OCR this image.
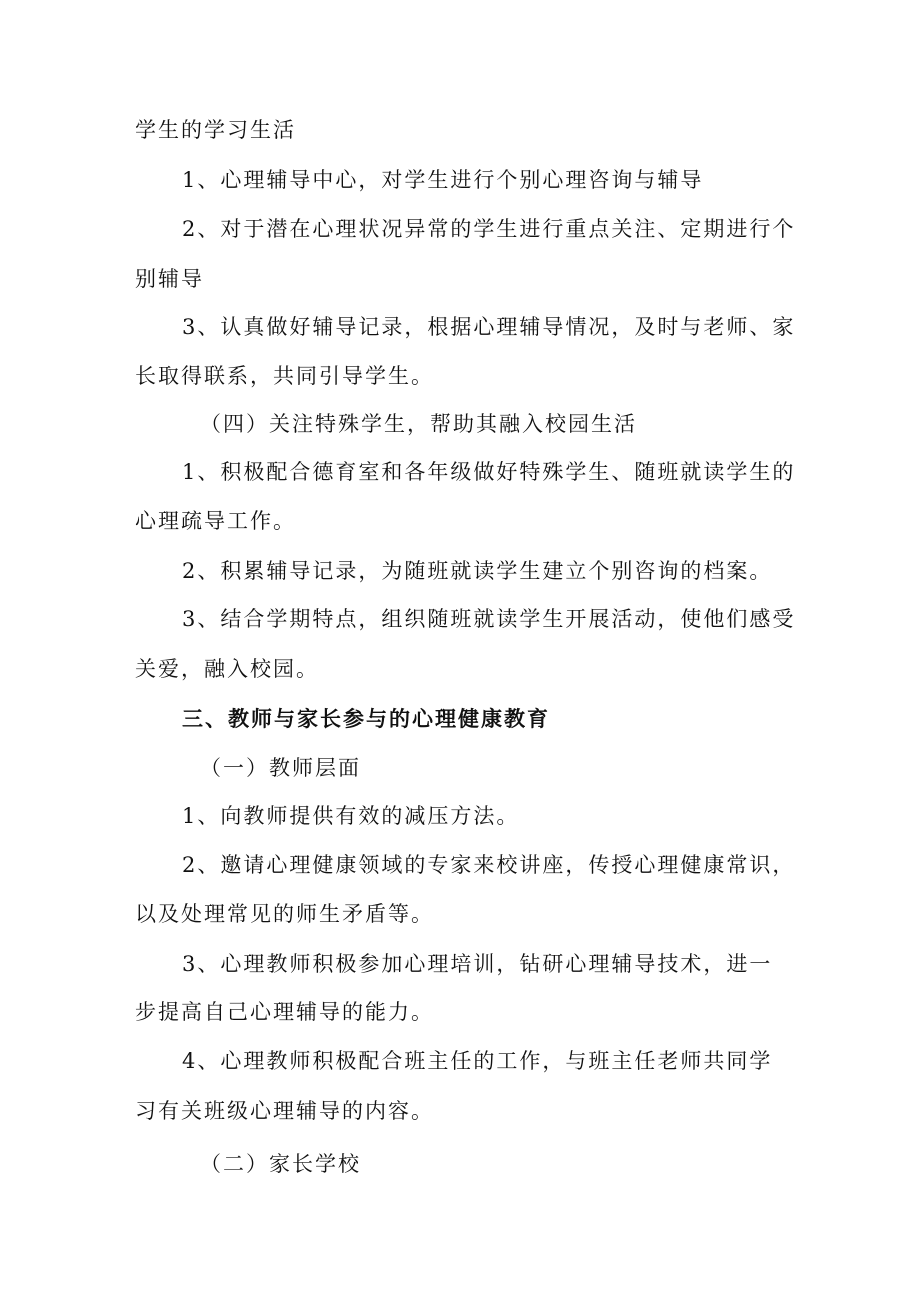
学生的学习生活
1、心理辅导中心，对学生进行个别心理咨询与辅导
2、对于潜在心理状况异常的学生进行重点关注、定期进行个
别辅导
3、认真做好辅导记录，根据心理辅导情况，及时与老师、家
长取得联系，共同引导学生。
（四）关注特殊学生，帮助其融入校园生活
1、积极配合德育室和各年级做好特殊学生、随班就读学生的
心理疏导工作。
2、积累辅导记录，为随班就读学生建立个别咨询的档案。
3、结合学期特点，组织随班就读学生开展活动，使他们感受
关爱，融入校园。
三、教师与家长参与的心理健康教育
（一）教师层面
1、向教师提供有效的减压方法。
2、邀请心理健康领域的专家来校讲座，传授心理健康常识，
以及处理常见的师生矛盾等。
3、心理教师积极参加心理培训，钻研心理辅导技术，进一
步提高自己心理辅导的能力。
4、心理教师积极配合班主任的工作，与班主任老师共同学
习有关班级心理辅导的内容。
（二）家长学校
